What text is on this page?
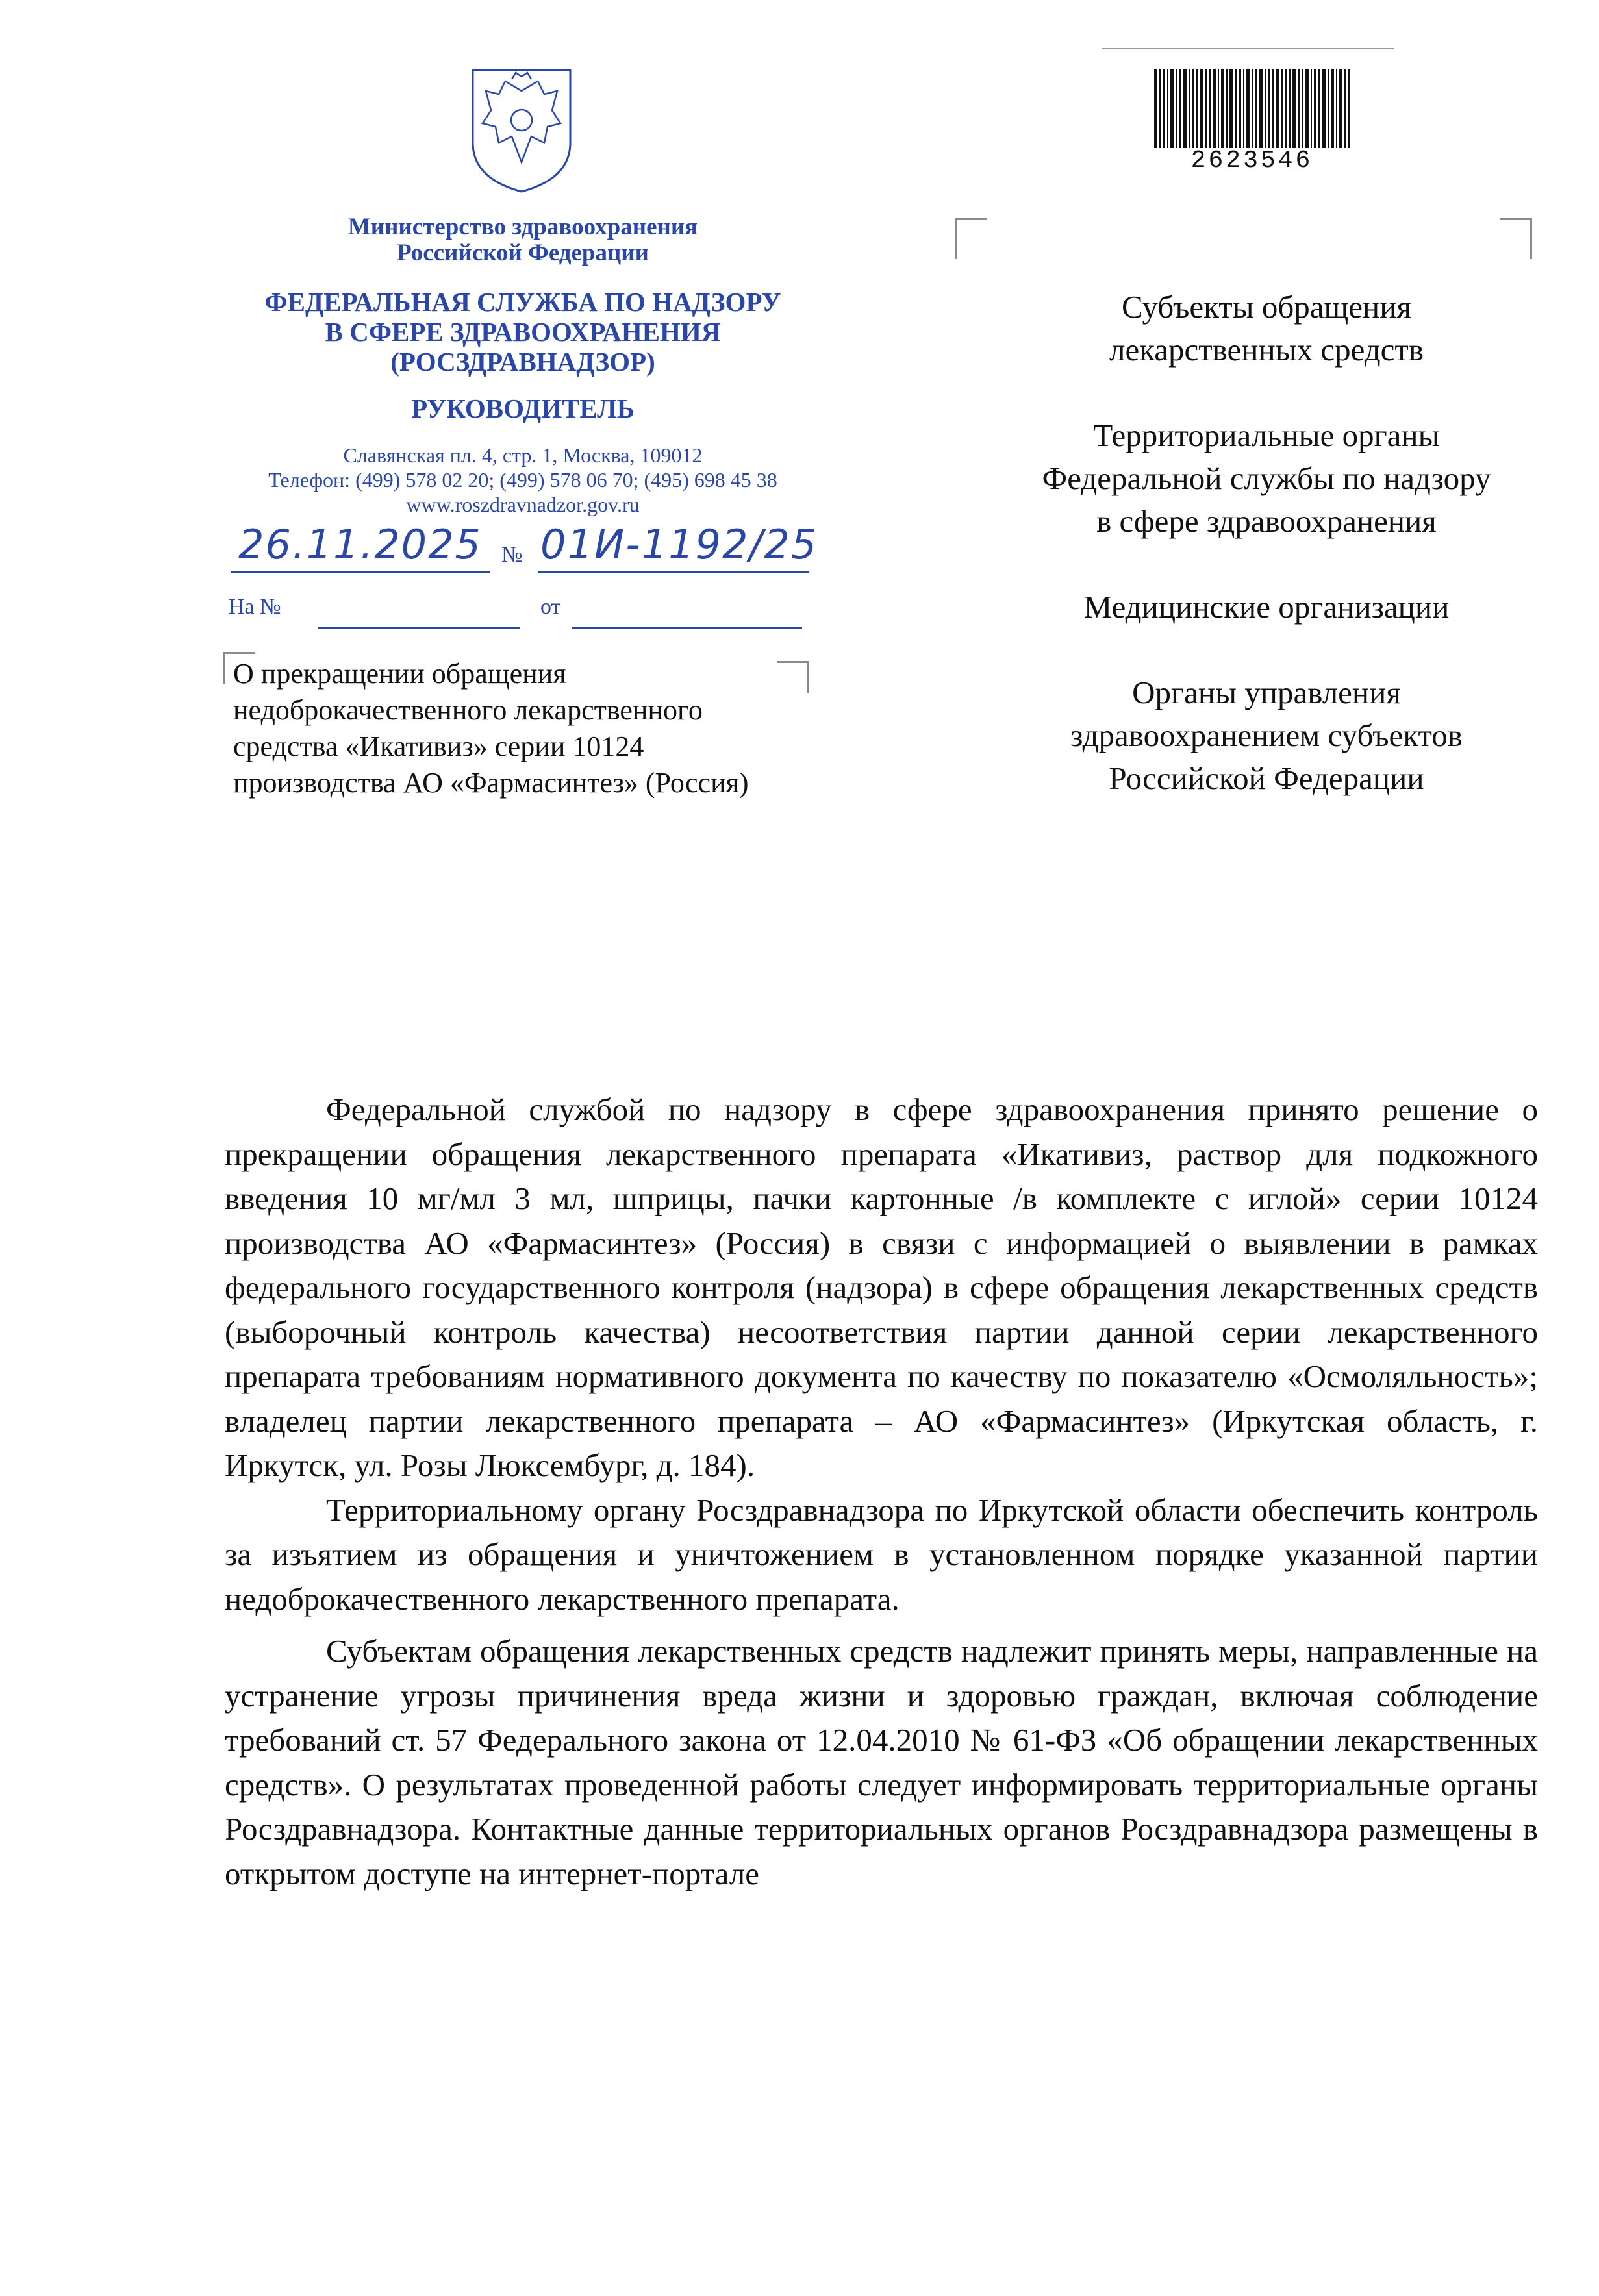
Министерство здравоохранения
Российской Федерации
ФЕДЕРАЛЬНАЯ СЛУЖБА ПО НАДЗОРУ
В СФЕРЕ ЗДРАВООХРАНЕНИЯ
(РОСЗДРАВНАДЗОР)
РУКОВОДИТЕЛЬ
Славянская пл. 4, стр. 1, Москва, 109012
Телефон: (499) 578 02 20; (499) 578 06 70; (495) 698 45 38
www.roszdravnadzor.gov.ru
26.11.2025 № 01И-1192/25
На №	от
О прекращении обращения
недоброкачественного лекарственного
средства «Икативиз» серии 10124
производства АО «Фармасинтез» (Россия)
2623546

Субъекты обращения
лекарственных средств

Территориальные органы
Федеральной службы по надзору
в сфере здравоохранения

Медицинские организации

Органы управления
здравоохранением субъектов
Российской Федерации

Федеральной службой по надзору в сфере здравоохранения принято решение о прекращении обращения лекарственного препарата «Икативиз, раствор для подкожного введения 10 мг/мл 3 мл, шприцы, пачки картонные /в комплекте с иглой» серии 10124 производства АО «Фармасинтез» (Россия) в связи с информацией о выявлении в рамках федерального государственного контроля (надзора) в сфере обращения лекарственных средств (выборочный контроль качества) несоответствия партии данной серии лекарственного препарата требованиям нормативного документа по качеству по показателю «Осмоляльность»; владелец партии лекарственного препарата – АО «Фармасинтез» (Иркутская область, г. Иркутск, ул. Розы Люксембург, д. 184).

Территориальному органу Росздравнадзора по Иркутской области обеспечить контроль за изъятием из обращения и уничтожением в установленном порядке указанной партии недоброкачественного лекарственного препарата.

Субъектам обращения лекарственных средств надлежит принять меры, направленные на устранение угрозы причинения вреда жизни и здоровью граждан, включая соблюдение требований ст. 57 Федерального закона от 12.04.2010 № 61-ФЗ «Об обращении лекарственных средств». О результатах проведенной работы следует информировать территориальные органы Росздравнадзора. Контактные данные территориальных органов Росздравнадзора размещены в открытом доступе на интернет-портале
